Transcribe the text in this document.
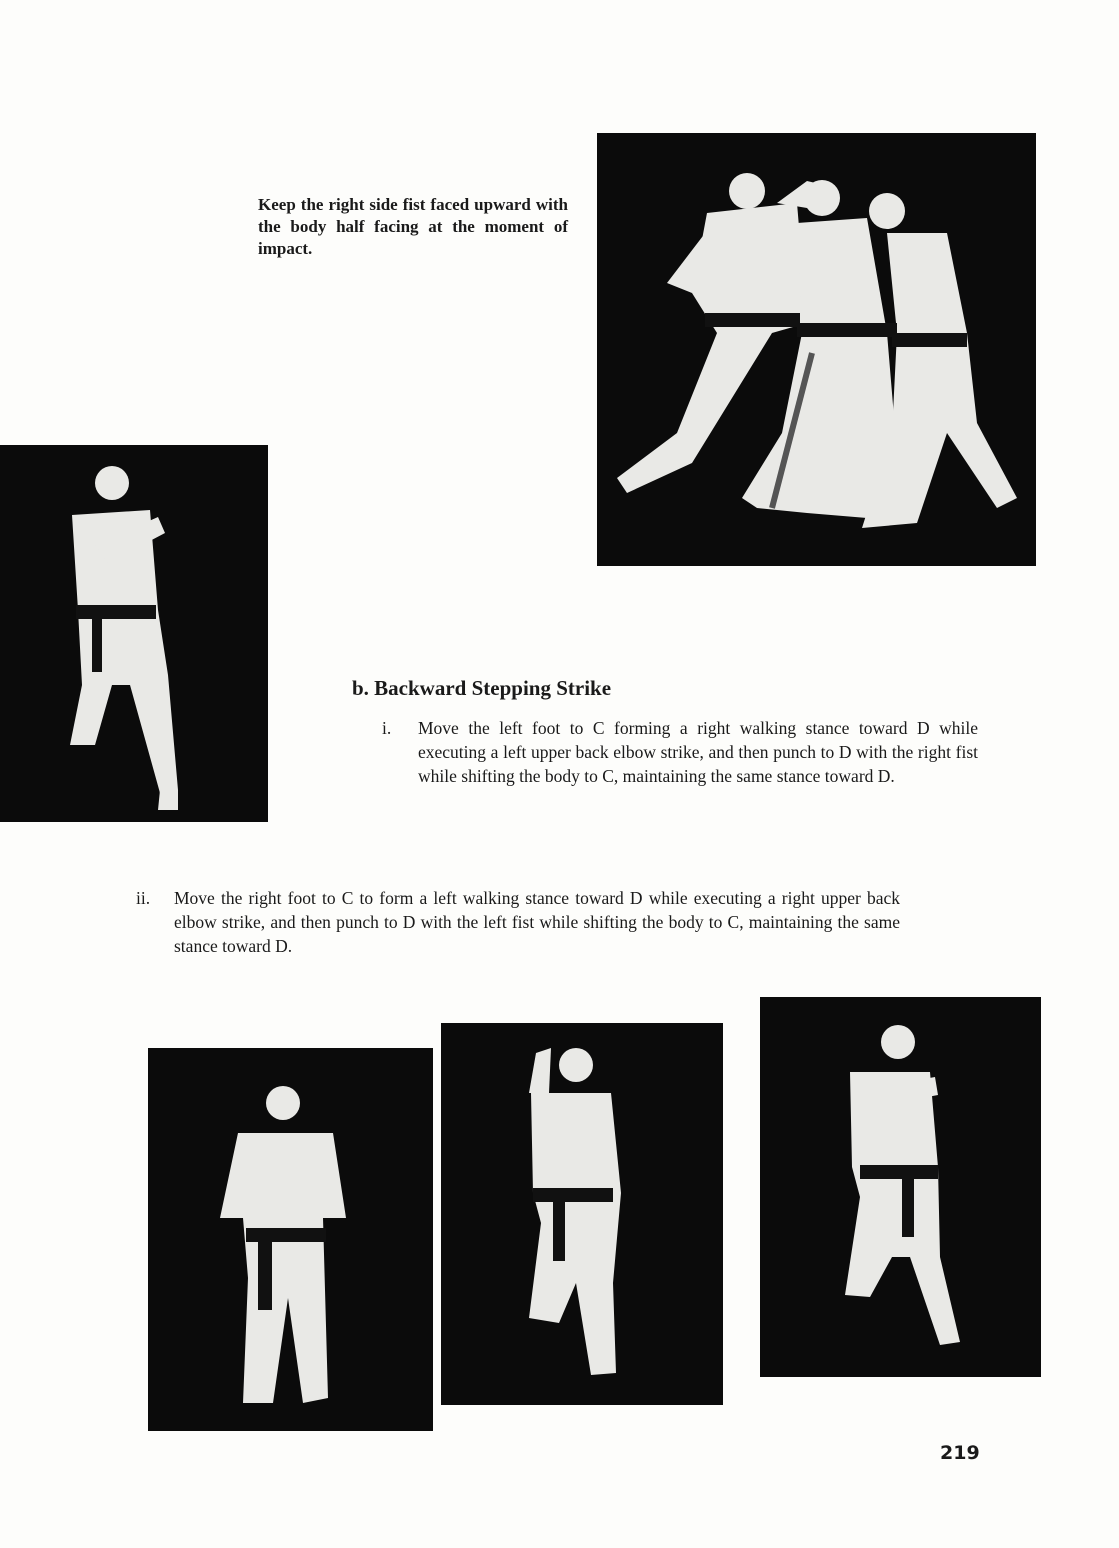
Keep the right side fist faced upward with the body half facing at the moment of impact.
b. Backward Stepping Strike
i. Move the left foot to C forming a right walking stance toward D while executing a left upper back elbow strike, and then punch to D with the right fist while shifting the body to C, maintaining the same stance toward D.
ii. Move the right foot to C to form a left walking stance toward D while executing a right upper back elbow strike, and then punch to D with the left fist while shifting the body to C, maintaining the same stance toward D.
219
